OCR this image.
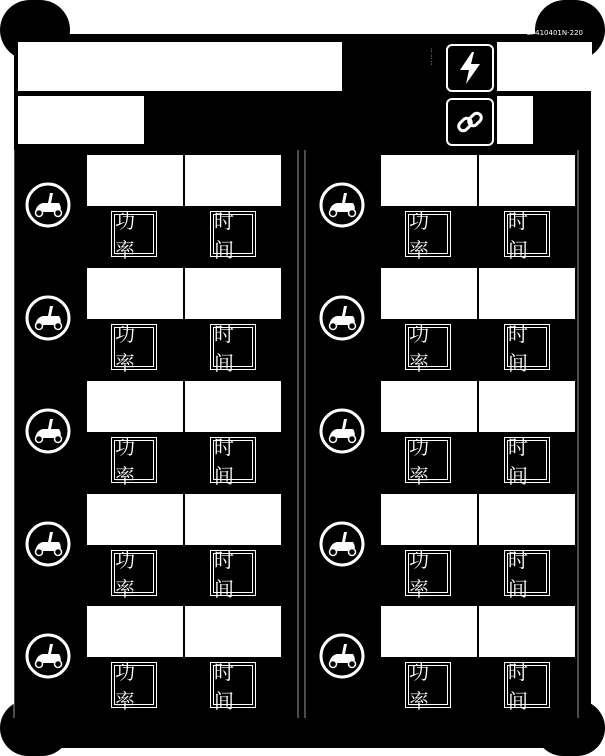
SAVEMOW	SP410401N-220
··· ··· ···
功率
时间
功率
时间
功率
时间
功率
时间
功率
时间
功率
时间
功率
时间
功率
时间
功率
时间
功率
时间
